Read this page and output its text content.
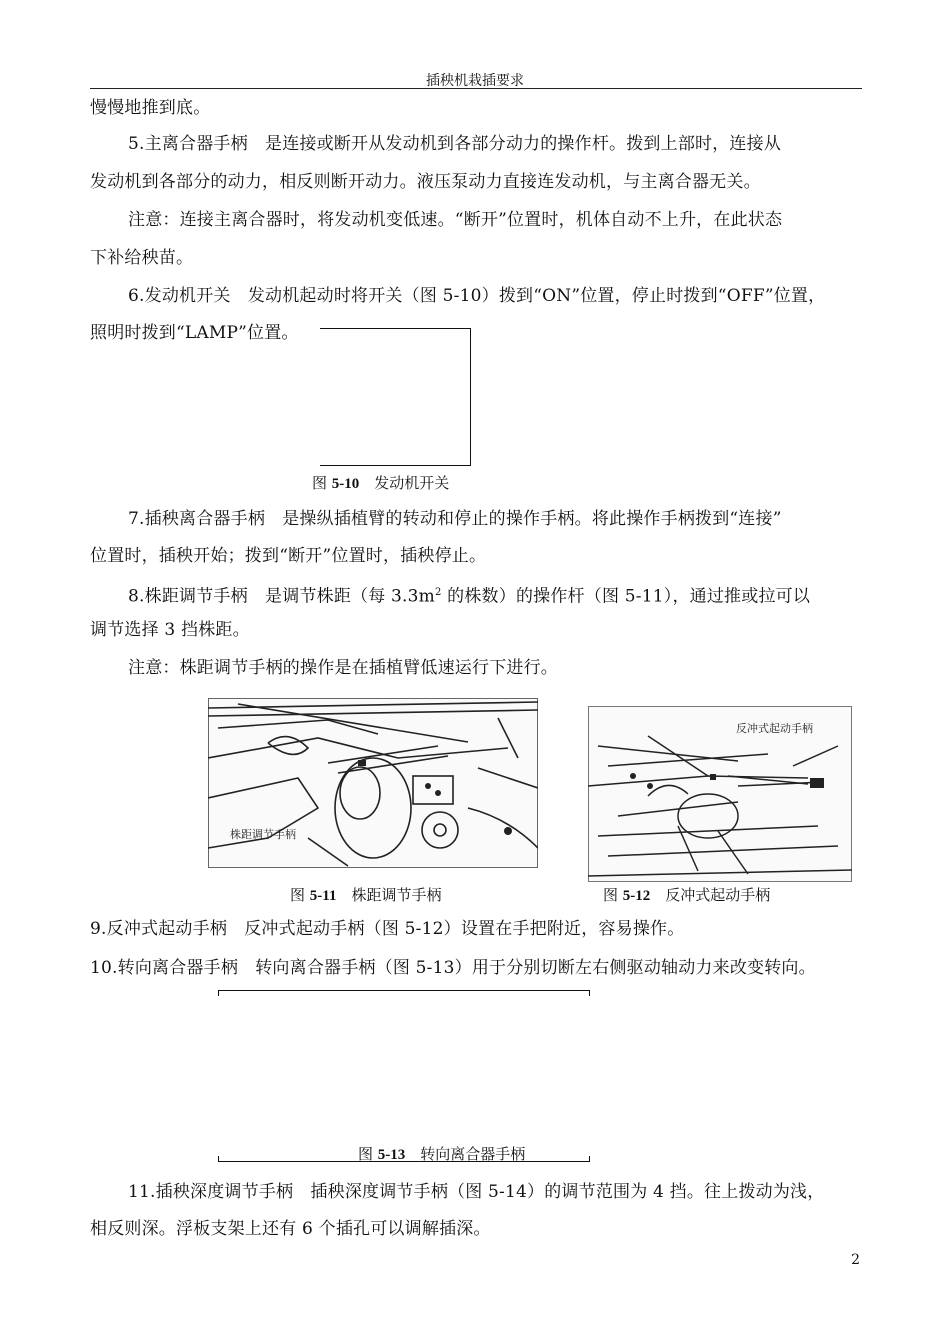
插秧机栽插要求
慢慢地推到底。
5.主离合器手柄　是连接或断开从发动机到各部分动力的操作杆。拨到上部时，连接从
发动机到各部分的动力，相反则断开动力。液压泵动力直接连发动机，与主离合器无关。
注意：连接主离合器时，将发动机变低速。“断开”位置时，机体自动不上升，在此状态
下补给秧苗。
6.发动机开关　发动机起动时将开关（图 5-10）拨到“ON”位置，停止时拨到“OFF”位置，
照明时拨到“LAMP”位置。
图 5-10　 发动机开关
7.插秧离合器手柄　是操纵插植臂的转动和停止的操作手柄。将此操作手柄拨到“连接”
位置时，插秧开始；拨到“断开”位置时，插秧停止。
8.株距调节手柄　是调节株距（每 $3.3m^2$ 的株数）的操作杆（图 5-11），通过推或拉可以
调节选择 3 挡株距。
注意：株距调节手柄的操作是在插植臂低速运行下进行。
株距调节手柄
图 5-11　 株距调节手柄
反冲式起动手柄
图 5-12　 反冲式起动手柄
9.反冲式起动手柄　反冲式起动手柄（图 5-12）设置在手把附近，容易操作。
10.转向离合器手柄　转向离合器手柄（图 5-13）用于分别切断左右侧驱动轴动力来改变转向。
图 5-13　 转向离合器手柄
11.插秧深度调节手柄　插秧深度调节手柄（图 5-14）的调节范围为 4 挡。往上拨动为浅，
相反则深。浮板支架上还有 6 个插孔可以调解插深。
2
